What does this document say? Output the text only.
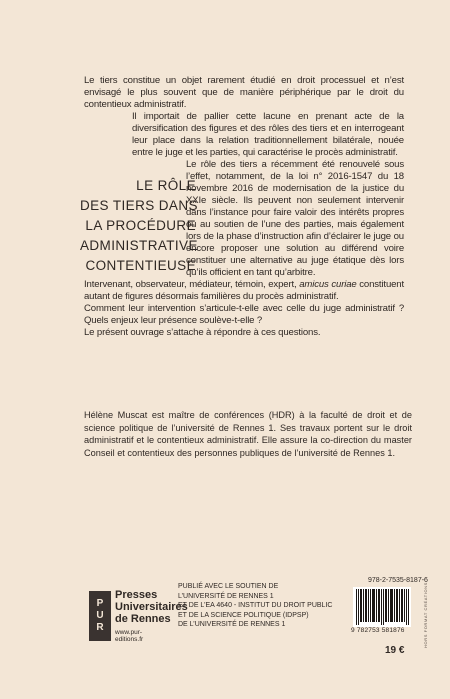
LE RÔLE
DES TIERS DANS
LA PROCÉDURE
ADMINISTRATIVE
CONTENTIEUSE

Le tiers constitue un objet rarement étudié en droit processuel et n’est envisagé le plus souvent que de manière périphérique par le droit du contentieux administratif.

Il importait de pallier cette lacune en prenant acte de la diversification des figures et des rôles des tiers et en interrogeant leur place dans la relation traditionnellement bilatérale, nouée entre le juge et les parties, qui caractérise le procès administratif.

Le rôle des tiers a récemment été renouvelé sous l’effet, notamment, de la loi n° 2016-1547 du 18 novembre 2016 de modernisation de la justice du XXIe siècle. Ils peuvent non seulement intervenir dans l’instance pour faire valoir des intérêts propres ou au soutien de l’une des parties, mais également lors de la phase d’instruction afin d’éclairer le juge ou encore proposer une solution au différend voire constituer une alternative au juge étatique dès lors qu’ils officient en tant qu’arbitre.

Intervenant, observateur, médiateur, témoin, expert, amicus curiae constituent autant de figures désormais familières du procès administratif.

Comment leur intervention s’articule-t-elle avec celle du juge administratif ? Quels enjeux leur présence soulève-t-elle ?

Le présent ouvrage s’attache à répondre à ces questions.

Hélène Muscat est maître de conférences (HDR) à la faculté de droit et de science politique de l’université de Rennes 1. Ses travaux portent sur le droit administratif et le contentieux administratif. Elle assure la co-direction du master Conseil et contentieux des personnes publiques de l’université de Rennes 1.
P
U
R
Presses
Universitaires
de Rennes
www.pur-editions.fr
PUBLIÉ AVEC LE SOUTIEN DE
L’UNIVERSITÉ DE RENNES 1
ET DE L’EA 4640 - INSTITUT DU DROIT PUBLIC
ET DE LA SCIENCE POLITIQUE (IDPSP)
DE L’UNIVERSITÉ DE RENNES 1
978-2-7535-8187-6
9 782753 581876
19 €
HORS FORMAT CRÉATIONS
